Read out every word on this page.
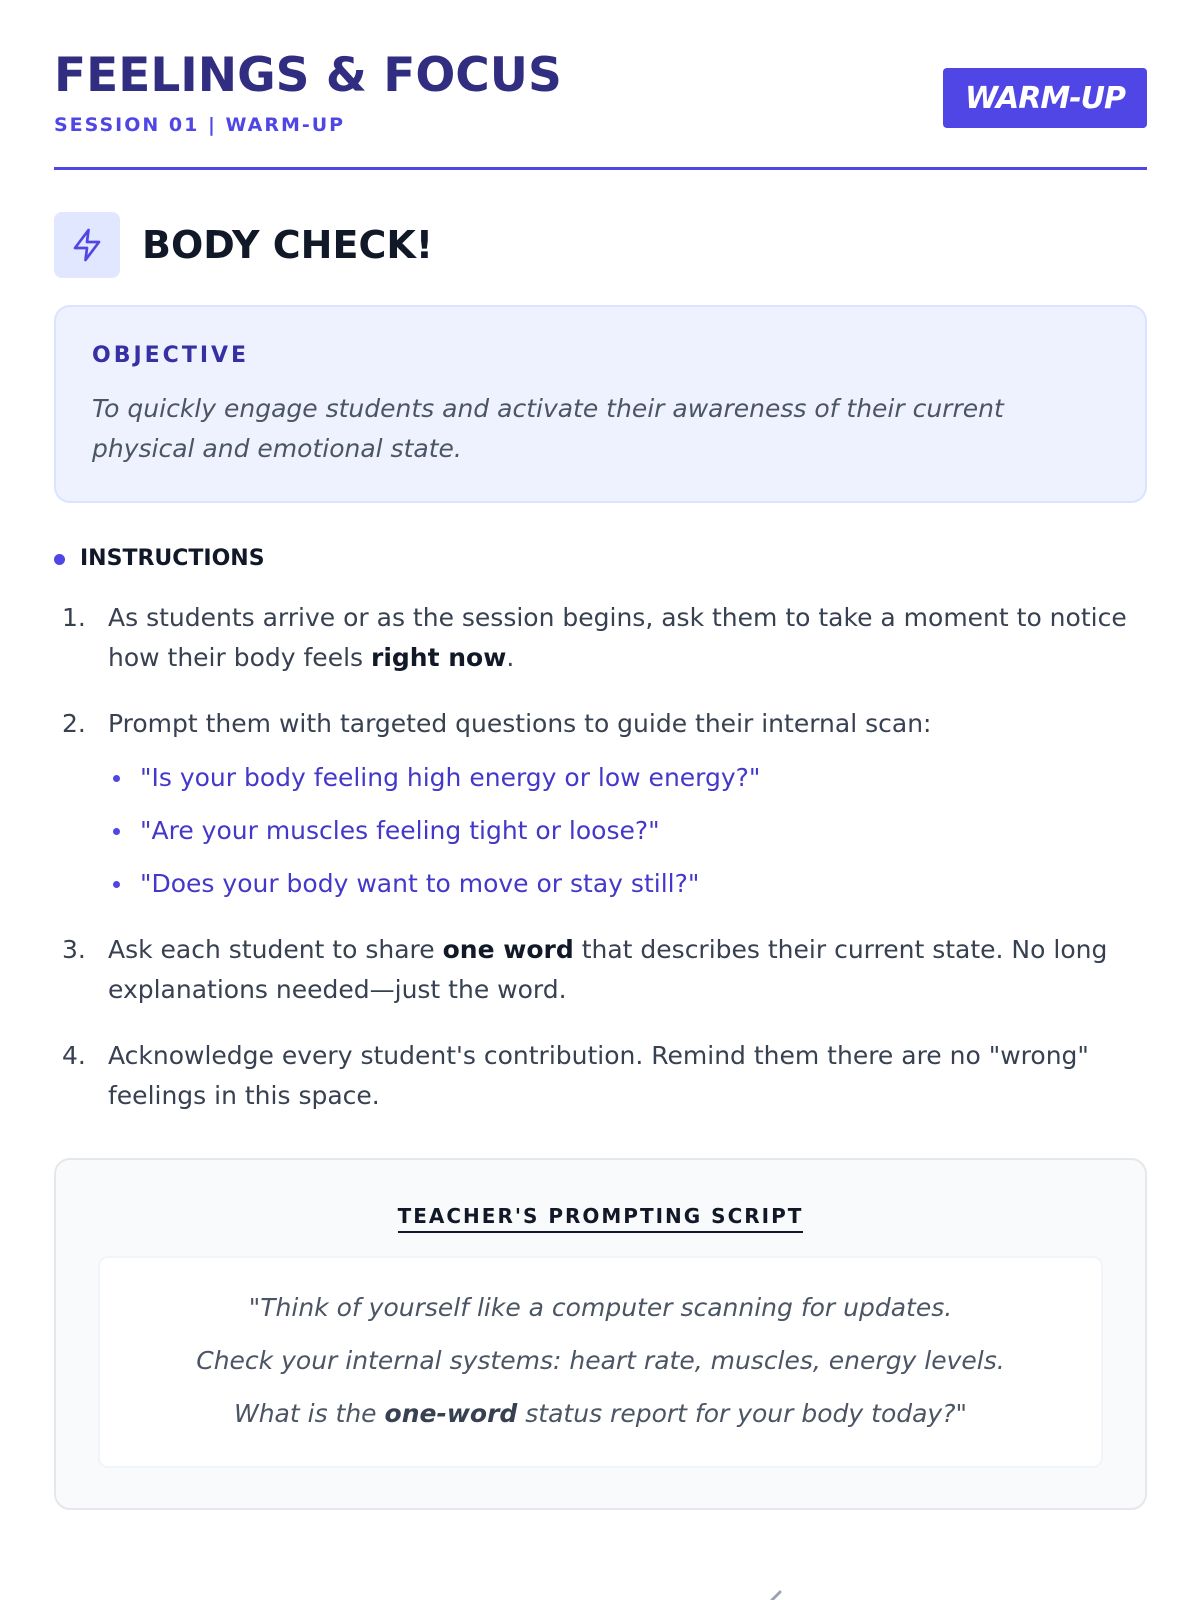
FEELINGS & FOCUS
SESSION 01 | WARM-UP
WARM-UP
BODY CHECK!
OBJECTIVE
To quickly engage students and activate their awareness of their current physical and emotional state.
INSTRUCTIONS
1. As students arrive or as the session begins, ask them to take a moment to notice how their body feels right now.
2. Prompt them with targeted questions to guide their internal scan:
"Is your body feeling high energy or low energy?"
"Are your muscles feeling tight or loose?"
"Does your body want to move or stay still?"
3. Ask each student to share one word that describes their current state. No long explanations needed—just the word.
4. Acknowledge every student's contribution. Remind them there are no "wrong" feelings in this space.
TEACHER'S PROMPTING SCRIPT
"Think of yourself like a computer scanning for updates.
Check your internal systems: heart rate, muscles, energy levels.
What is the one-word status report for your body today?"
